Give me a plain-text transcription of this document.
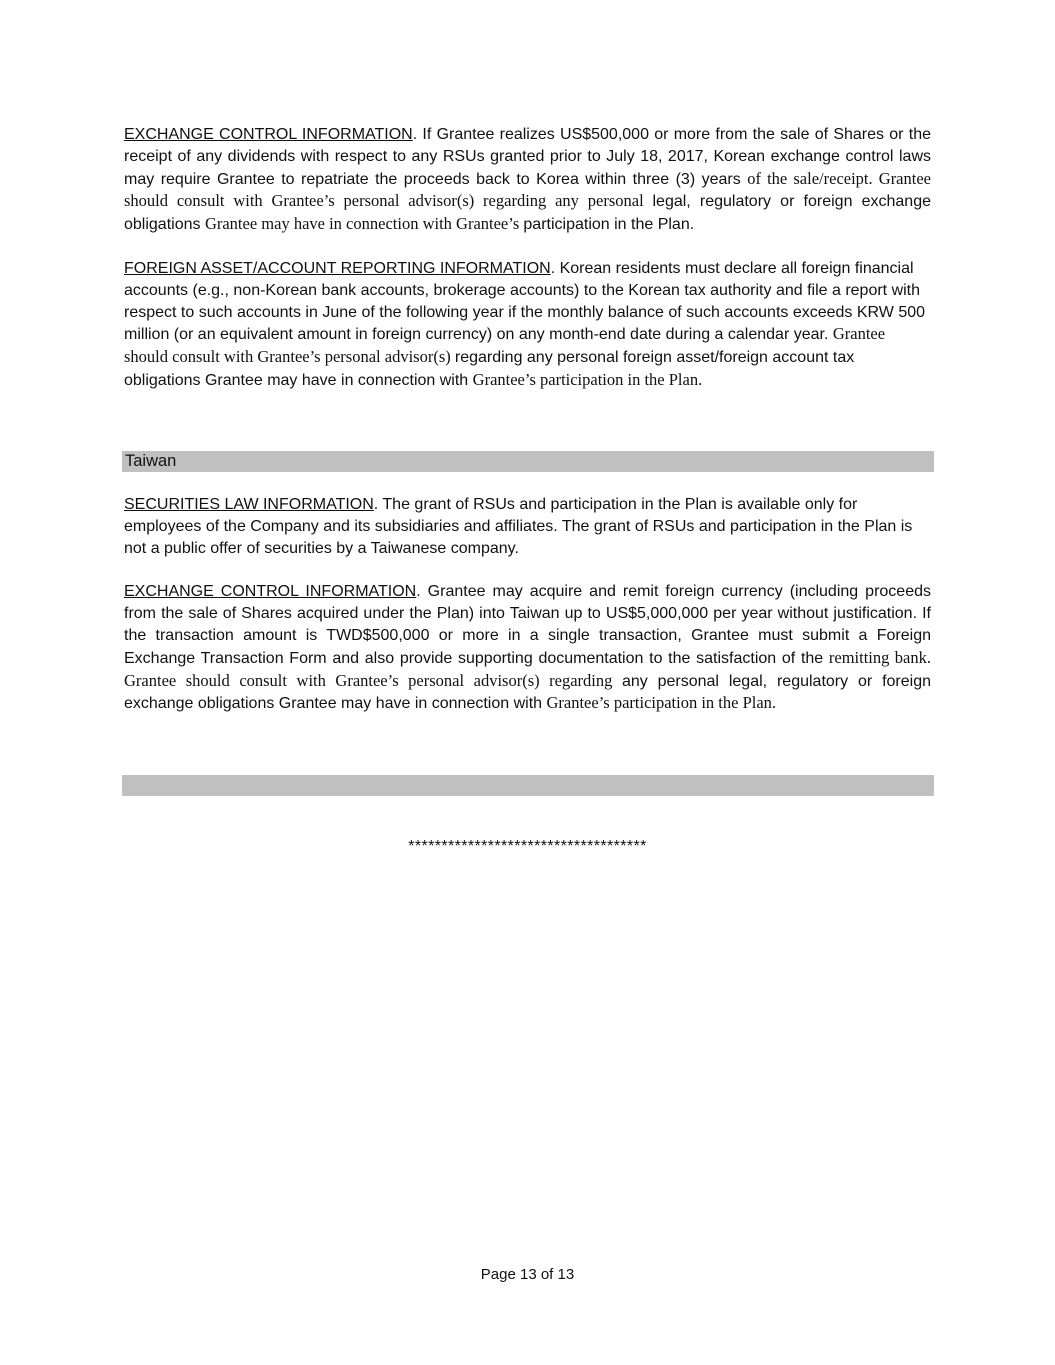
EXCHANGE CONTROL INFORMATION. If Grantee realizes US$500,000 or more from the sale of Shares or the receipt of any dividends with respect to any RSUs granted prior to July 18, 2017, Korean exchange control laws may require Grantee to repatriate the proceeds back to Korea within three (3) years of the sale/receipt. Grantee should consult with Grantee’s personal advisor(s) regarding any personal legal, regulatory or foreign exchange obligations Grantee may have in connection with Grantee’s participation in the Plan.

FOREIGN ASSET/ACCOUNT REPORTING INFORMATION. Korean residents must declare all foreign financial accounts (e.g., non-Korean bank accounts, brokerage accounts) to the Korean tax authority and file a report with respect to such accounts in June of the following year if the monthly balance of such accounts exceeds KRW 500 million (or an equivalent amount in foreign currency) on any month-end date during a calendar year. Grantee should consult with Grantee’s personal advisor(s) regarding any personal foreign asset/foreign account tax obligations Grantee may have in connection with Grantee’s participation in the Plan.

Taiwan

SECURITIES LAW INFORMATION. The grant of RSUs and participation in the Plan is available only for employees of the Company and its subsidiaries and affiliates. The grant of RSUs and participation in the Plan is not a public offer of securities by a Taiwanese company.

EXCHANGE CONTROL INFORMATION. Grantee may acquire and remit foreign currency (including proceeds from the sale of Shares acquired under the Plan) into Taiwan up to US$5,000,000 per year without justification. If the transaction amount is TWD$500,000 or more in a single transaction, Grantee must submit a Foreign Exchange Transaction Form and also provide supporting documentation to the satisfaction of the remitting bank. Grantee should consult with Grantee’s personal advisor(s) regarding any personal legal, regulatory or foreign exchange obligations Grantee may have in connection with Grantee’s participation in the Plan.

************************************
Page 13 of 13
